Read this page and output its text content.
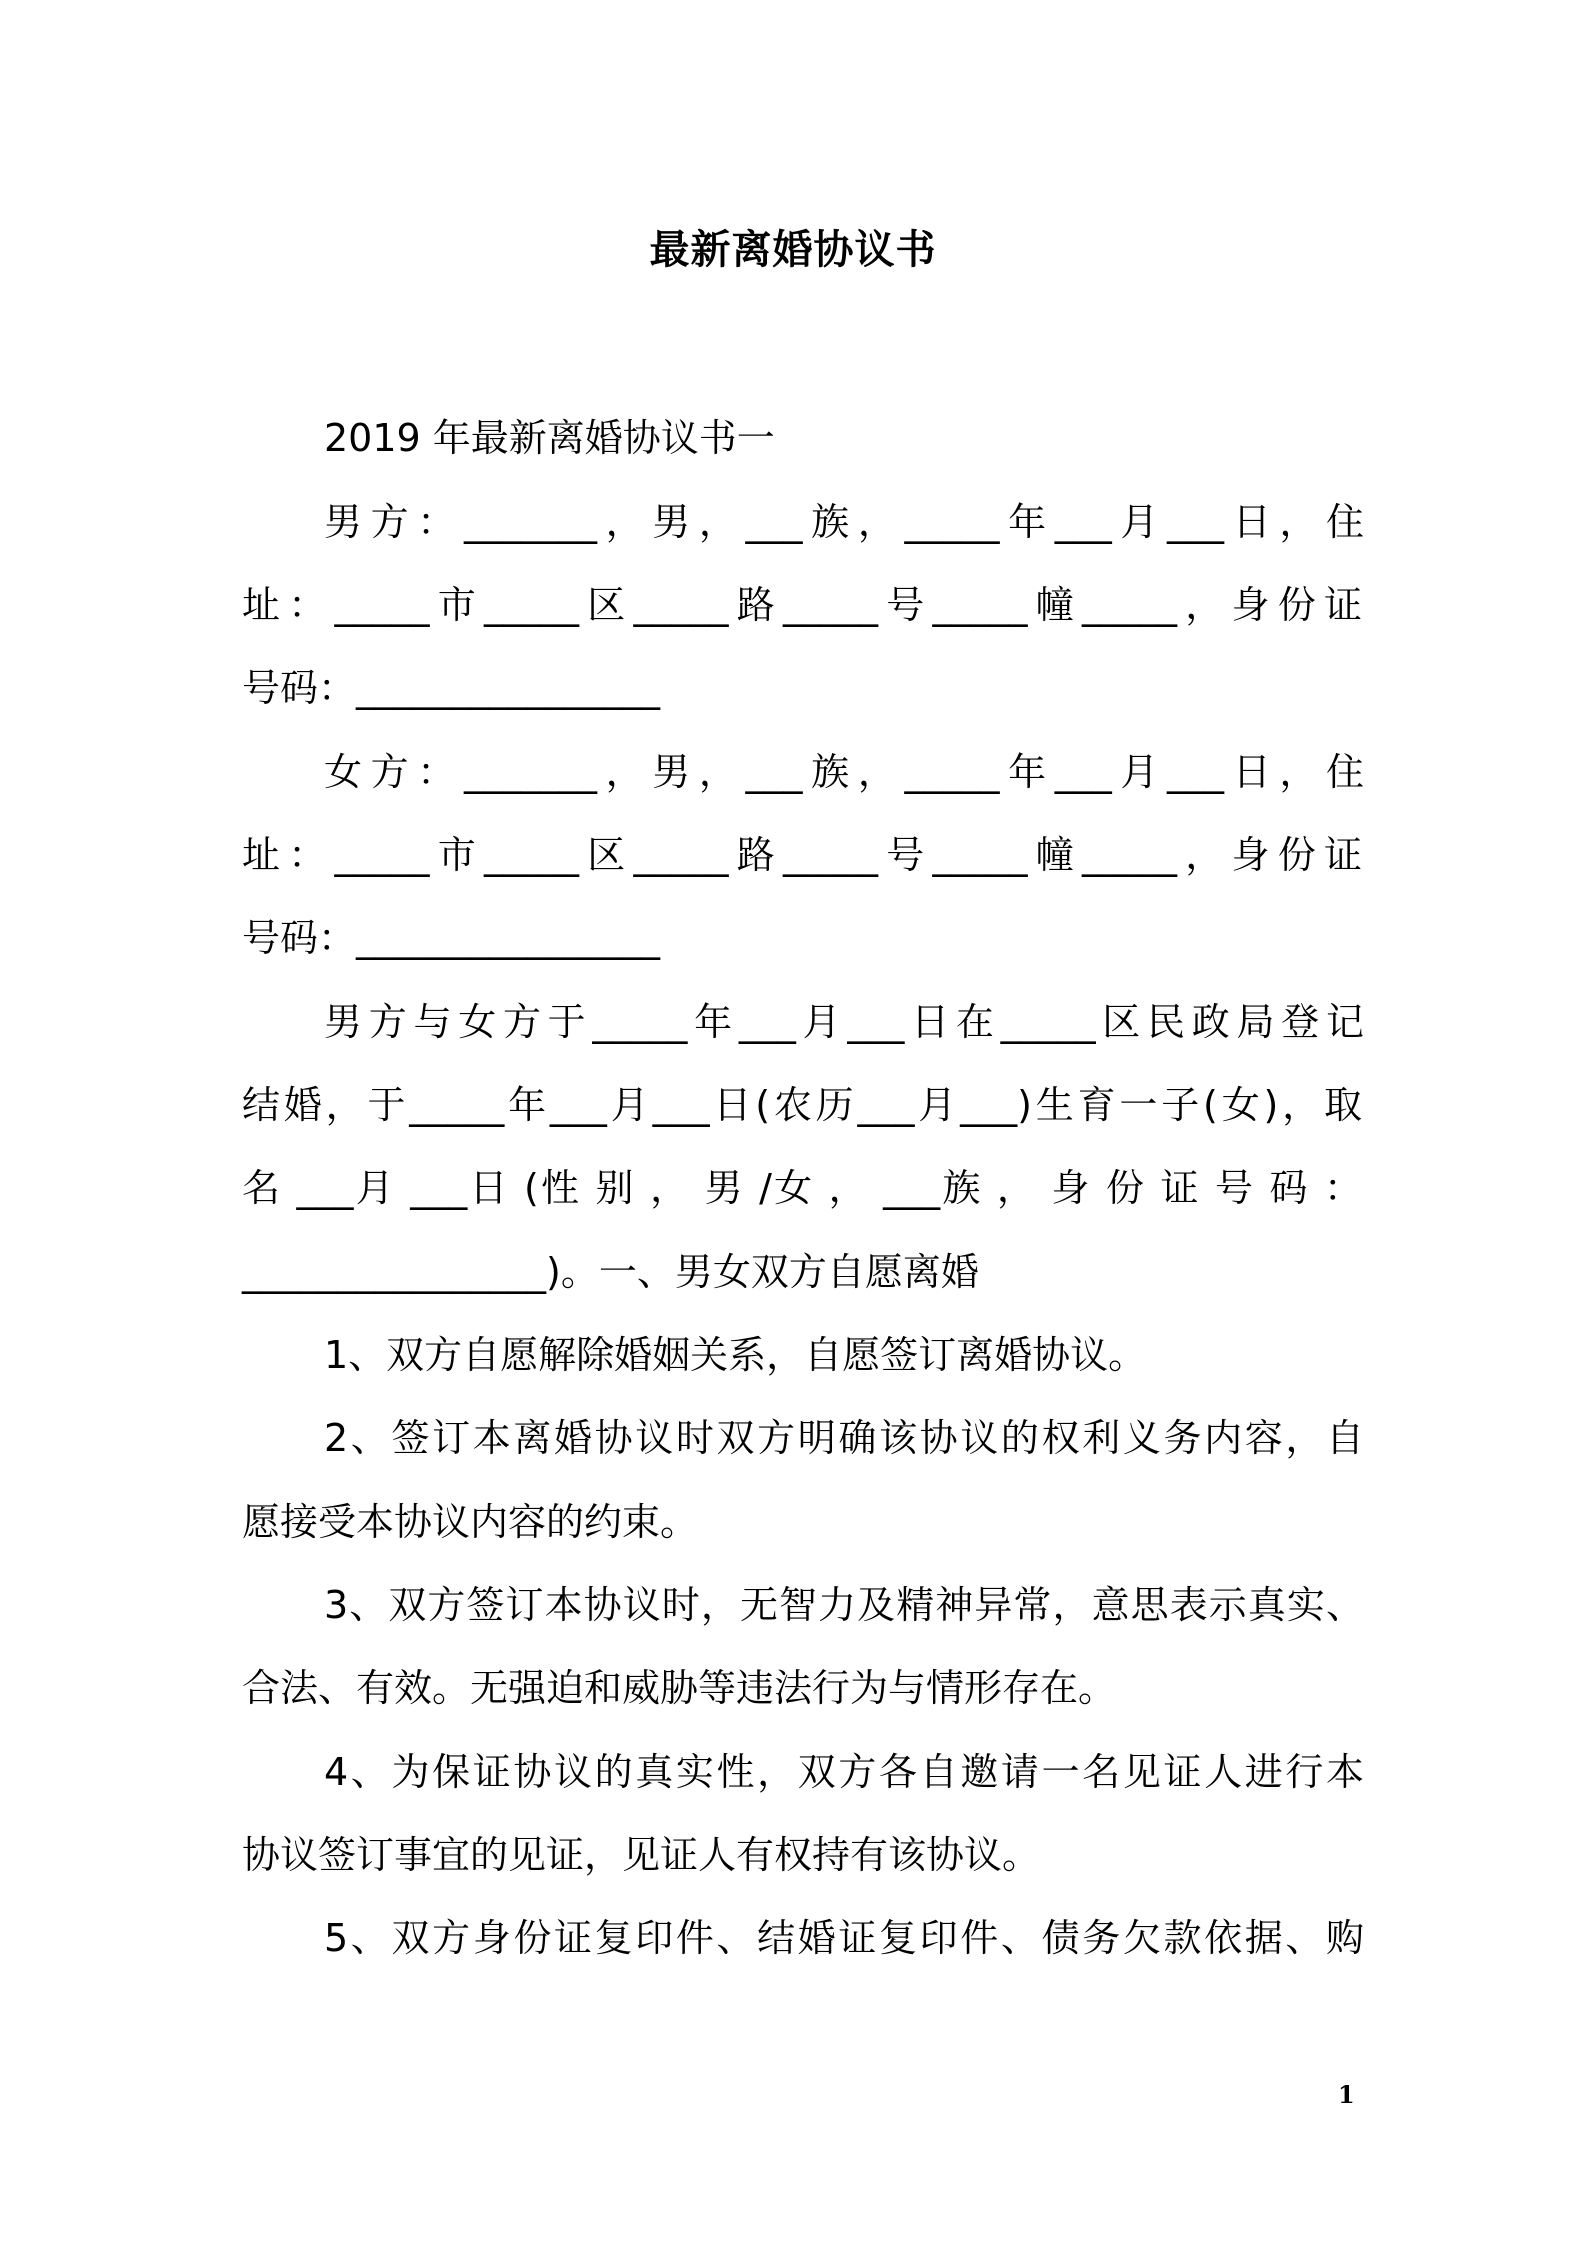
最新离婚协议书
2019 年最新离婚协议书一
男方：_______，男，___族，_____年___月___日，住
址：_____市_____区_____路_____号_____幢_____，身份证
号码：________________
女方：_______，男，___族，_____年___月___日，住
址：_____市_____区_____路_____号_____幢_____，身份证
号码：________________
男方与女方于_____年___月___日在_____区民政局登记
结婚，于_____年___月___日(农历___月___)生育一子(女)，取
名 ___月 ___日 (性 别 ， 男 /女 ， ___族 ， 身 份 证 号 码 ：
________________)。一、男女双方自愿离婚
1、双方自愿解除婚姻关系，自愿签订离婚协议。
2、签订本离婚协议时双方明确该协议的权利义务内容，自
愿接受本协议内容的约束。
3、双方签订本协议时，无智力及精神异常，意思表示真实、
合法、有效。无强迫和威胁等违法行为与情形存在。
4、为保证协议的真实性，双方各自邀请一名见证人进行本
协议签订事宜的见证，见证人有权持有该协议。
5、双方身份证复印件、结婚证复印件、债务欠款依据、购
1
